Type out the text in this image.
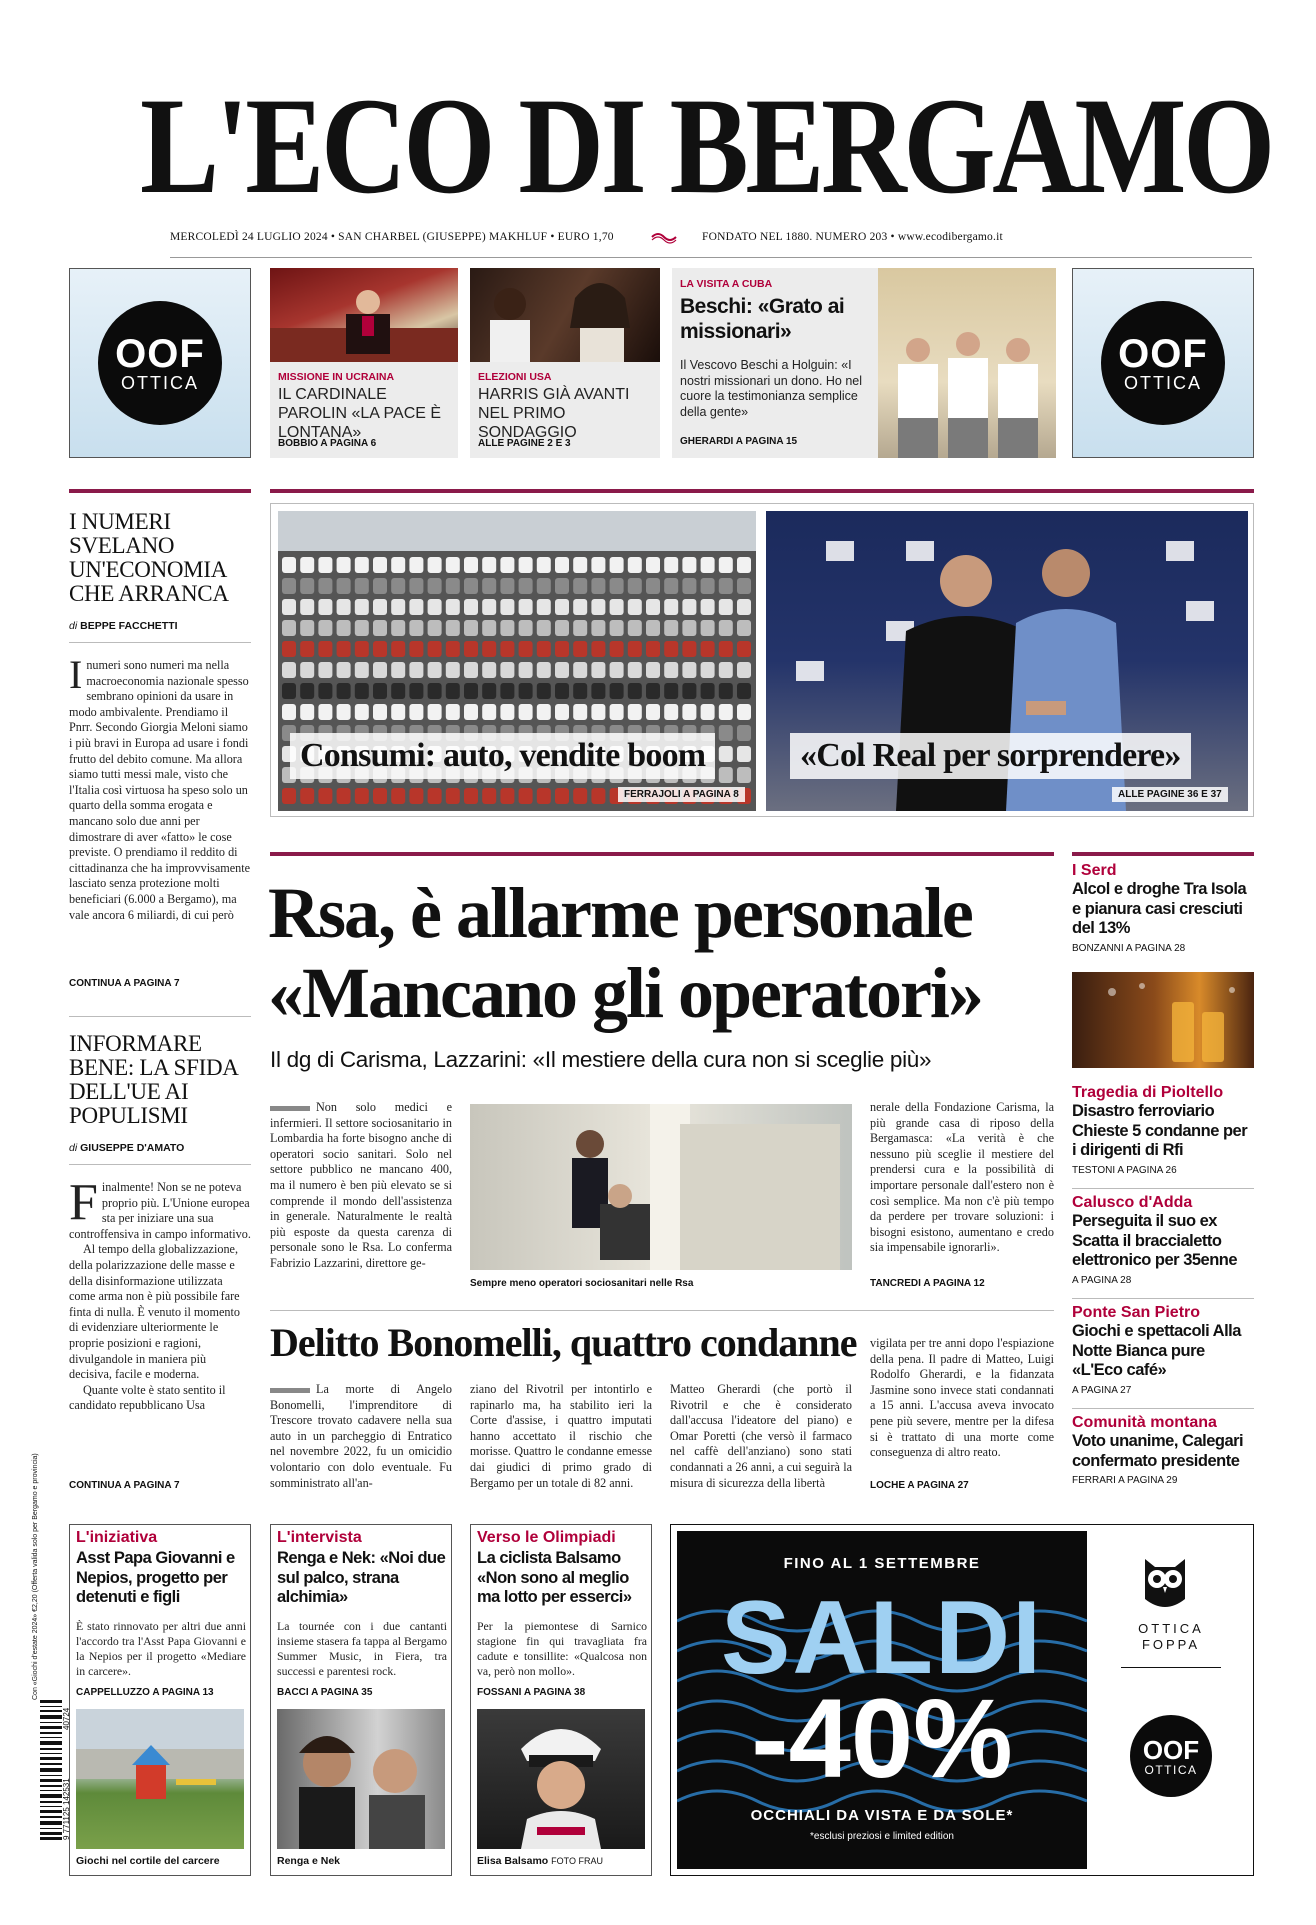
L'ECO DI BERGAMO
MERCOLEDÌ 24 LUGLIO 2024 • SAN CHARBEL (GIUSEPPE) MAKHLUF • EURO 1,70	FONDATO NEL 1880. NUMERO 203 • www.ecodibergamo.it
OOF
OTTICA	MISSIONE IN UCRAINA
IL CARDINALE PAROLIN «LA PACE È LONTANA»
BOBBIO A PAGINA 6
ELEZIONI USA
HARRIS GIÀ AVANTI NEL PRIMO SONDAGGIO
ALLE PAGINE 2 E 3
LA VISITA A CUBA
Beschi: «Grato ai missionari»
Il Vescovo Beschi a Holguin: «I nostri missionari un dono. Ho nel cuore la testimonianza semplice della gente»
GHERARDI A PAGINA 15
OOF
OTTICA
I NUMERI SVELANO UN'ECONOMIA CHE ARRANCA
di BEPPE FACCHETTI
I numeri sono numeri ma nella macroeconomia nazionale spesso sembrano opinioni da usare in modo ambivalente. Prendiamo il Pnrr. Secondo Giorgia Meloni siamo i più bravi in Europa ad usare i fondi frutto del debito comune. Ma allora siamo tutti messi male, visto che l'Italia così virtuosa ha speso solo un quarto della somma erogata e mancano solo due anni per dimostrare di aver «fatto» le cose previste. O prendiamo il reddito di cittadinanza che ha improvvisamente lasciato senza protezione molti beneficiari (6.000 a Bergamo), ma vale ancora 6 miliardi, di cui però
CONTINUA A PAGINA 7
INFORMARE BENE: LA SFIDA DELL'UE AI POPULISMI
di GIUSEPPE D'AMATO
F inalmente! Non se ne poteva proprio più. L'Unione europea sta per iniziare una sua controffensiva in campo informativo.
Al tempo della globalizzazione, della polarizzazione delle masse e della disinformazione utilizzata come arma non è più possibile fare finta di nulla. È venuto il momento di evidenziare ulteriormente le proprie posizioni e ragioni, divulgandole in maniera più decisiva, facile e moderna.
Quante volte è stato sentito il candidato repubblicano Usa
CONTINUA A PAGINA 7
Consumi: auto, vendite boom
FERRAJOLI A PAGINA 8
«Col Real per sorprendere»
ALLE PAGINE 36 E 37
Rsa, è allarme personale
«Mancano gli operatori»
Il dg di Carisma, Lazzarini: «Il mestiere della cura non si sceglie più»
Non solo medici e infermieri. Il settore sociosanitario in Lombardia ha forte bisogno anche di operatori socio sanitari. Solo nel settore pubblico ne mancano 400, ma il numero è ben più elevato se si comprende il mondo dell'assistenza in generale. Naturalmente le realtà più esposte da questa carenza di personale sono le Rsa. Lo conferma Fabrizio Lazzarini, direttore ge-
Sempre meno operatori sociosanitari nelle Rsa
nerale della Fondazione Carisma, la più grande casa di riposo della Bergamasca: «La verità è che nessuno più sceglie il mestiere del prendersi cura e la possibilità di importare personale dall'estero non è così semplice. Ma non c'è più tempo da perdere per trovare soluzioni: i bisogni esistono, aumentano e credo sia impensabile ignorarli».
TANCREDI A PAGINA 12
Delitto Bonomelli, quattro condanne
La morte di Angelo Bonomelli, l'imprenditore di Trescore trovato cadavere nella sua auto in un parcheggio di Entratico nel novembre 2022, fu un omicidio volontario con dolo eventuale. Fu somministrato all'an-
ziano del Rivotril per intontirlo e rapinarlo ma, ha stabilito ieri la Corte d'assise, i quattro imputati hanno accettato il rischio che morisse. Quattro le condanne emesse dai giudici di primo grado di Bergamo per un totale di 82 anni.
Matteo Gherardi (che portò il Rivotril e che è considerato dall'accusa l'ideatore del piano) e Omar Poretti (che versò il farmaco nel caffè dell'anziano) sono stati condannati a 26 anni, a cui seguirà la misura di sicurezza della libertà
vigilata per tre anni dopo l'espiazione della pena. Il padre di Matteo, Luigi Rodolfo Gherardi, e la fidanzata Jasmine sono invece stati condannati a 15 anni. L'accusa aveva invocato pene più severe, mentre per la difesa si è trattato di una morte come conseguenza di altro reato.
LOCHE A PAGINA 27
I Serd
Alcol e droghe Tra Isola e pianura casi cresciuti del 13%
BONZANNI A PAGINA 28
Tragedia di Pioltello
Disastro ferroviario Chieste 5 condanne per i dirigenti di Rfi
TESTONI A PAGINA 26
Calusco d'Adda
Perseguita il suo ex Scatta il braccialetto elettronico per 35enne
A PAGINA 28
Ponte San Pietro
Giochi e spettacoli Alla Notte Bianca pure «L'Eco café»
A PAGINA 27
Comunità montana
Voto unanime, Calegari confermato presidente
FERRARI A PAGINA 29
Con «Giochi d'estate 2024» €2,20 (Offerta valida solo per Bergamo e provincia)
9 771125 142531
40724
L'iniziativa
Asst Papa Giovanni e Nepios, progetto per detenuti e figli
È stato rinnovato per altri due anni l'accordo tra l'Asst Papa Giovanni e la Nepios per il progetto «Mediare in carcere».
CAPPELLUZZO A PAGINA 13
Giochi nel cortile del carcere
L'intervista
Renga e Nek: «Noi due sul palco, strana alchimia»
La tournée con i due cantanti insieme stasera fa tappa al Bergamo Summer Music, in Fiera, tra successi e parentesi rock.
BACCI A PAGINA 35
Renga e Nek
Verso le Olimpiadi
La ciclista Balsamo «Non sono al meglio ma lotto per esserci»
Per la piemontese di Sarnico stagione fin qui travagliata fra cadute e tonsillite: «Qualcosa non va, però non mollo».
FOSSANI A PAGINA 38
Elisa Balsamo FOTO FRAU
FINO AL 1 SETTEMBRE
SALDI
-40%
OCCHIALI DA VISTA E DA SOLE*
*esclusi preziosi e limited edition
OTTICA
FOPPA
OOF
OTTICA
